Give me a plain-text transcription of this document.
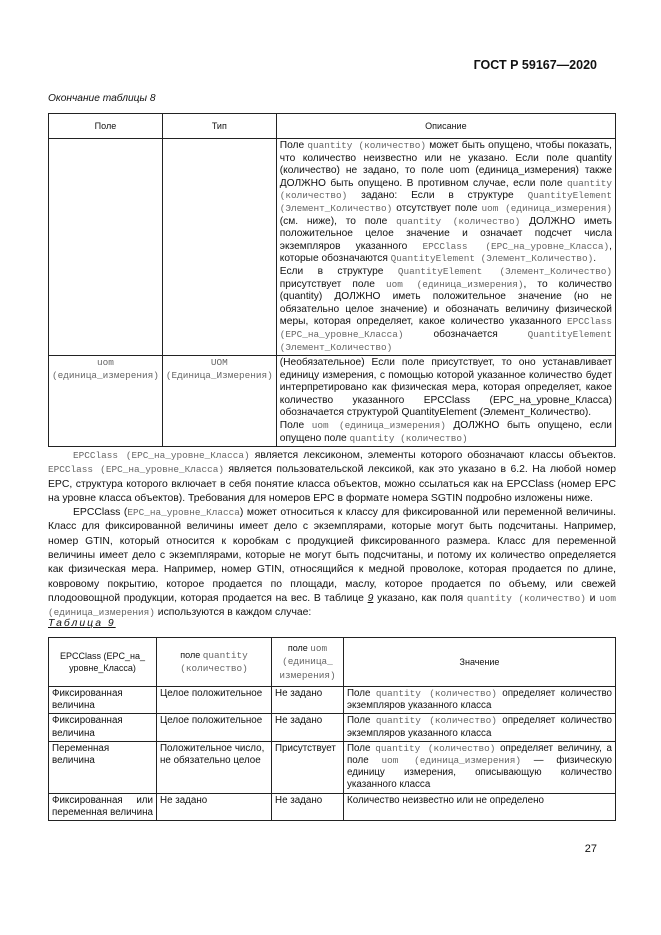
ГОСТ Р 59167—2020
Окончание таблицы 8
Поле	Тип	Описание

		Поле quantity (количество) может быть опущено, чтобы показать, что количество неизвестно или не указано. Если поле quantity (количество) не задано, то поле uom (единица_измерения) также ДОЛЖНО быть опущено. В противном случае, если поле quantity (количество) задано: Если в структуре QuantityElement (Элемент_Количество) отсутствует поле uom (единица_измерения) (см. ниже), то поле quantity (количество) ДОЛЖНО иметь положительное целое значение и означает подсчет числа экземпляров указанного EPCClass (EPC_на_уровне_Класса), которые обозначаются QuantityElement (Элемент_Количество).
Если в структуре QuantityElement (Элемент_Количество) присутствует поле uom (единица_измерения), то количество (quantity) ДОЛЖНО иметь положительное значение (но не обязательно целое значение) и обозначать величину физической меры, которая определяет, какое количество указанного EPCClass (EPC_на_уровне_Класса) обозначается QuantityElement (Элемент_Количество)

uom (единица_измерения)	UOM (Единица_Измерения)	(Необязательное) Если поле присутствует, то оно устанавливает единицу измерения, с помощью которой указанное количество будет интерпретировано как физическая мера, которая определяет, какое количество указанного EPCClass (EPC_на_уровне_Класса) обозначается структурой QuantityElement (Элемент_Количество).
Поле uom (единица_измерения) ДОЛЖНО быть опущено, если опущено поле quantity (количество)

EPCClass (EPC_на_уровне_Класса) является лексиконом, элементы которого обозначают классы объектов. EPCClass (EPC_на_уровне_Класса) является пользовательской лексикой, как это указано в 6.2. На любой номер EPC, структура которого включает в себя понятие класса объектов, можно ссылаться как на EPCClass (номер EPC на уровне класса объектов). Требования для номеров EPC в формате номера SGTIN подробно изложены ниже.

EPCClass (EPC_на_уровне_Класса) может относиться к классу для фиксированной или переменной величины. Класс для фиксированной величины имеет дело с экземплярами, которые могут быть подсчитаны. Например, номер GTIN, который относится к коробкам с продукцией фиксированного размера. Класс для переменной величины имеет дело с экземплярами, которые не могут быть подсчитаны, и потому их количество определяется как физическая мера. Например, номер GTIN, относящийся к медной проволоке, которая продается по длине, ковровому покрытию, которое продается по площади, маслу, которое продается по объему, или свежей плодоовощной продукции, которая продается на вес. В таблице 9 указано, как поля quantity (количество) и uom (единица_измерения) используются в каждом случае:

Таблица 9
EPCClass (EPC_на_ уровне_Класса)	поле quantity (количество)	поле uom (единица_ измерения)	Значение
Фиксированная величина	Целое положительное	Не задано	Поле quantity (количество) определяет количество экземпляров указанного класса
Фиксированная величина	Целое положительное	Не задано	Поле quantity (количество) определяет количество экземпляров указанного класса
Переменная величина	Положительное число, не обязательно целое	Присутствует	Поле quantity (количество) определяет величину, а поле uom (единица_измерения) — физическую единицу измерения, описывающую количество указанного класса
Фиксированная или переменная величина	Не задано	Не задано	Количество неизвестно или не определено
27
